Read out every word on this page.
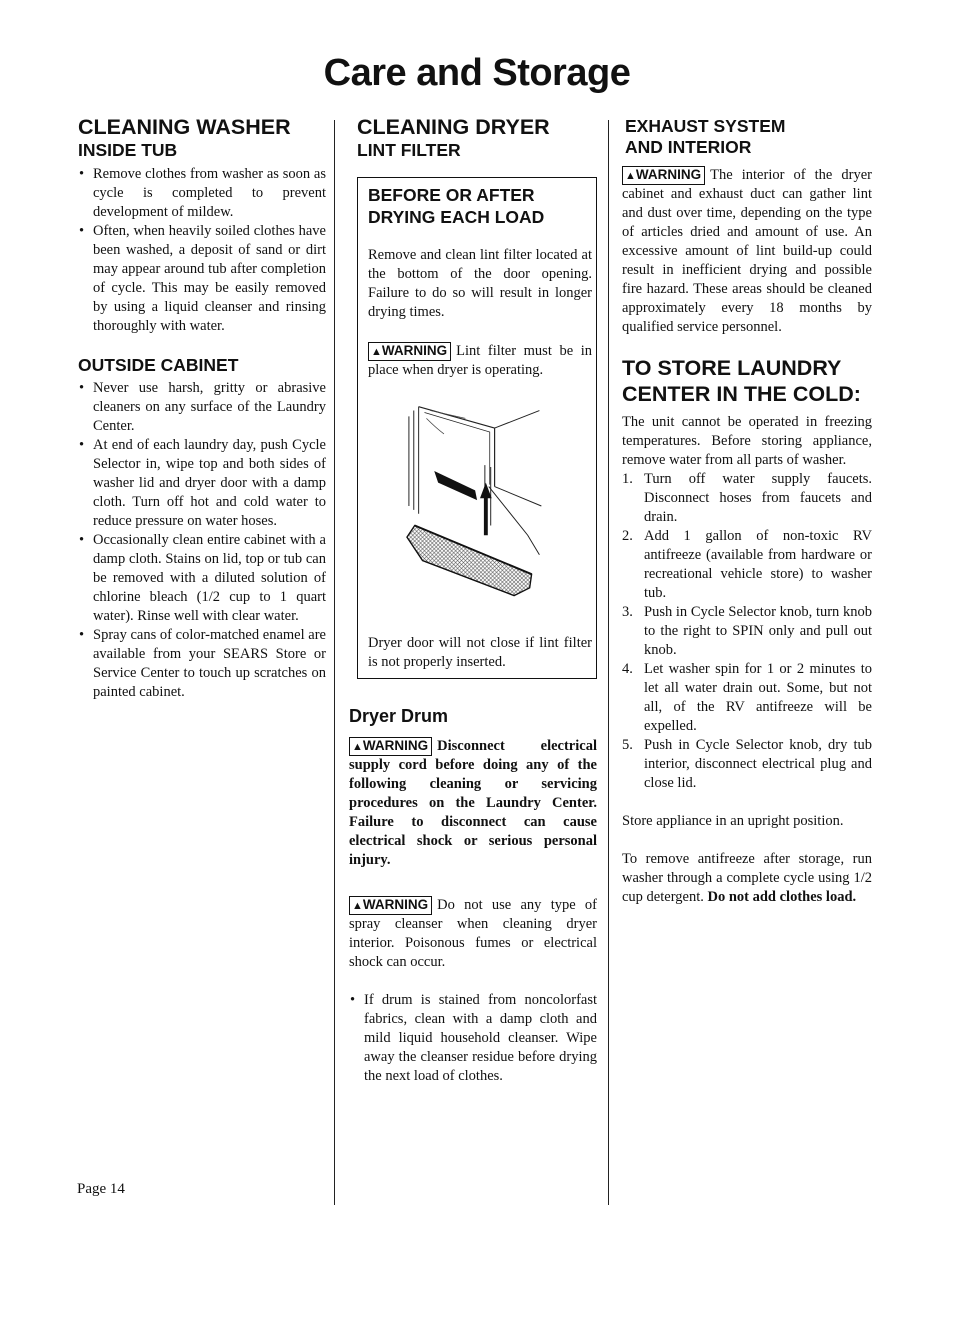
Care and Storage
CLEANING WASHER
INSIDE TUB
• Remove clothes from washer as soon as cycle is completed to prevent development of mildew.
• Often, when heavily soiled clothes have been washed, a deposit of sand or dirt may appear around tub after completion of cycle. This may be easily removed by using a liquid cleanser and rinsing thoroughly with water.
OUTSIDE CABINET
• Never use harsh, gritty or abrasive cleaners on any surface of the Laundry Center.
• At end of each laundry day, push Cycle Selector in, wipe top and both sides of washer lid and dryer door with a damp cloth. Turn off hot and cold water to reduce pressure on water hoses.
• Occasionally clean entire cabinet with a damp cloth. Stains on lid, top or tub can be removed with a diluted solution of chlorine bleach (1/2 cup to 1 quart water). Rinse well with clear water.
• Spray cans of color-matched enamel are available from your SEARS Store or Service Center to touch up scratches on painted cabinet.
CLEANING DRYER
LINT FILTER
BEFORE OR AFTER DRYING EACH LOAD

Remove and clean lint filter located at the bottom of the door opening. Failure to do so will result in longer drying times.

▲WARNING Lint filter must be in place when dryer is operating.

Dryer door will not close if lint filter is not properly inserted.

Dryer Drum

▲WARNING Disconnect electrical supply cord before doing any of the following cleaning or servicing procedures on the Laundry Center. Failure to disconnect can cause electrical shock or serious personal injury.

▲WARNING Do not use any type of spray cleanser when cleaning dryer interior. Poisonous fumes or electrical shock can occur.

• If drum is stained from noncolorfast fabrics, clean with a damp cloth and mild liquid household cleanser. Wipe away the cleanser residue before drying the next load of clothes.
EXHAUST SYSTEM
AND INTERIOR

▲WARNING The interior of the dryer cabinet and exhaust duct can gather lint and dust over time, depending on the type of articles dried and amount of use. An excessive amount of lint build-up could result in inefficient drying and possible fire hazard. These areas should be cleaned approximately every 18 months by qualified service personnel.

TO STORE LAUNDRY CENTER IN THE COLD:

The unit cannot be operated in freezing temperatures. Before storing appliance, remove water from all parts of washer.

1. Turn off water supply faucets. Disconnect hoses from faucets and drain.
2. Add 1 gallon of non-toxic RV antifreeze (available from hardware or recreational vehicle store) to washer tub.
3. Push in Cycle Selector knob, turn knob to the right to SPIN only and pull out knob.
4. Let washer spin for 1 or 2 minutes to let all water drain out. Some, but not all, of the RV antifreeze will be expelled.
5. Push in Cycle Selector knob, dry tub interior, disconnect electrical plug and close lid.

Store appliance in an upright position.

To remove antifreeze after storage, run washer through a complete cycle using 1/2 cup detergent. Do not add clothes load.

Page 14
